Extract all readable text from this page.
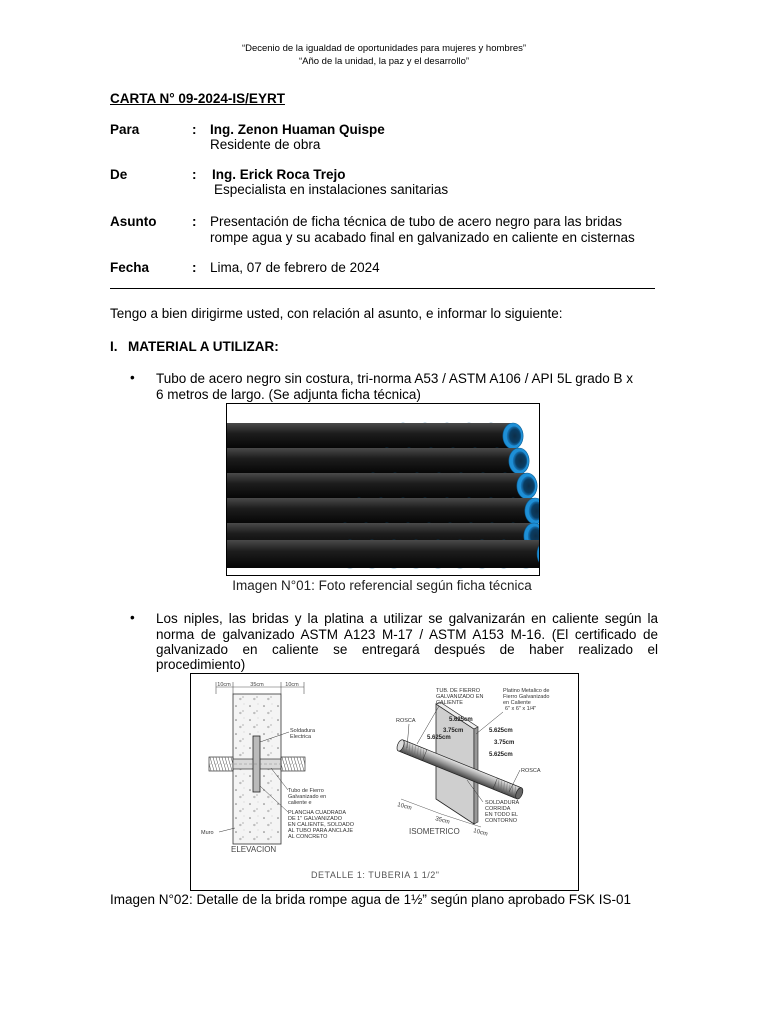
“Decenio de la igualdad de oportunidades para mujeres y hombres”
“Año de la unidad, la paz y el desarrollo”
CARTA N° 09-2024-IS/EYRT
Para	: Ing. Zenon Huaman Quispe
Residente de obra
De	: Ing. Erick Roca Trejo
Especialista en instalaciones sanitarias
Asunto	: Presentación de ficha técnica de tubo de acero negro para las bridas
rompe agua y su acabado final en galvanizado en caliente en cisternas
Fecha	: Lima, 07 de febrero de 2024
Tengo a bien dirigirme usted, con relación al asunto, e informar lo siguiente:
I. MATERIAL A UTILIZAR:
• Tubo de acero negro sin costura, tri-norma A53 / ASTM A106 / API 5L grado B x
6 metros de largo. (Se adjunta ficha técnica)
Imagen N°01: Foto referencial según ficha técnica
• Los niples, las bridas y la platina a utilizar se galvanizarán en caliente según la
norma de galvanizado ASTM A123 M-17 / ASTM A153 M-16. (El certificado de
galvanizado en caliente se entregará después de haber realizado el
procedimiento)
10cm	35cm	10cm
Soldadura
Electrica
Tubo de Fierro
Galvanizado en
caliente e
PLANCHA CUADRADA
DE 1" GALVANIZADO
EN CALIENTE, SOLDADO
AL TUBO PARA ANCLAJE
AL CONCRETO
Muro
ELEVACION
TUB. DE FIERRO
GALVANIZADO EN
CALIENTE
Platino Metalico de
Fierro Galvanizado
en Caliente
6" x 6" x 1/4"
ROSCA
ROSCA
5.625cm
3.75cm
5.625cm
5.625cm
3.75cm
5.625cm
10cm
35cm
10cm
SOLDADURA
CORRIDA
EN TODO EL
CONTORNO
ISOMETRICO
DETALLE 1: TUBERIA 1 1/2"
Imagen N°02: Detalle de la brida rompe agua de 1½” según plano aprobado FSK IS-01
